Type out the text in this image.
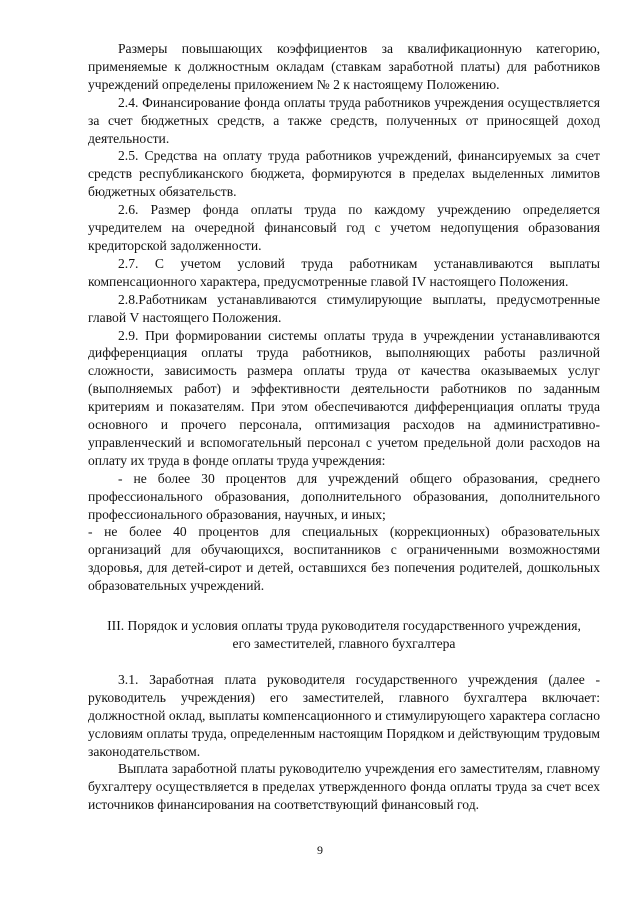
Размеры повышающих коэффициентов за квалификационную категорию, применяемые к должностным окладам (ставкам заработной платы) для работников учреждений определены приложением № 2 к настоящему Положению.

2.4. Финансирование фонда оплаты труда работников учреждения осуществляется за счет бюджетных средств, а также средств, полученных от приносящей доход деятельности.

2.5. Средства на оплату труда работников учреждений, финансируемых за счет средств республиканского бюджета, формируются в пределах выделенных лимитов бюджетных обязательств.

2.6. Размер фонда оплаты труда по каждому учреждению определяется учредителем на очередной финансовый год с учетом недопущения образования кредиторской задолженности.

2.7. С учетом условий труда работникам устанавливаются выплаты компенсационного характера, предусмотренные главой IV настоящего Положения.

2.8.Работникам устанавливаются стимулирующие выплаты, предусмотренные главой V настоящего Положения.

2.9. При формировании системы оплаты труда в учреждении устанавливаются дифференциация оплаты труда работников, выполняющих работы различной сложности, зависимость размера оплаты труда от качества оказываемых услуг (выполняемых работ) и эффективности деятельности работников по заданным критериям и показателям. При этом обеспечиваются дифференциация оплаты труда основного и прочего персонала, оптимизация расходов на административно-управленческий и вспомогательный персонал с учетом предельной доли расходов на оплату их труда в фонде оплаты труда учреждения:

- не более 30 процентов для учреждений общего образования, среднего профессионального образования, дополнительного образования, дополнительного профессионального образования, научных, и иных;

- не более 40 процентов для специальных (коррекционных) образовательных организаций для обучающихся, воспитанников с ограниченными возможностями здоровья, для детей-сирот и детей, оставшихся без попечения родителей, дошкольных образовательных учреждений.

III. Порядок и условия оплаты труда руководителя государственного учреждения, его заместителей, главного бухгалтера

3.1. Заработная плата руководителя государственного учреждения (далее - руководитель учреждения) его заместителей, главного бухгалтера включает: должностной оклад, выплаты компенсационного и стимулирующего характера согласно условиям оплаты труда, определенным настоящим Порядком и действующим трудовым законодательством.

Выплата заработной платы руководителю учреждения его заместителям, главному бухгалтеру осуществляется в пределах утвержденного фонда оплаты труда за счет всех источников финансирования на соответствующий финансовый год.

9
